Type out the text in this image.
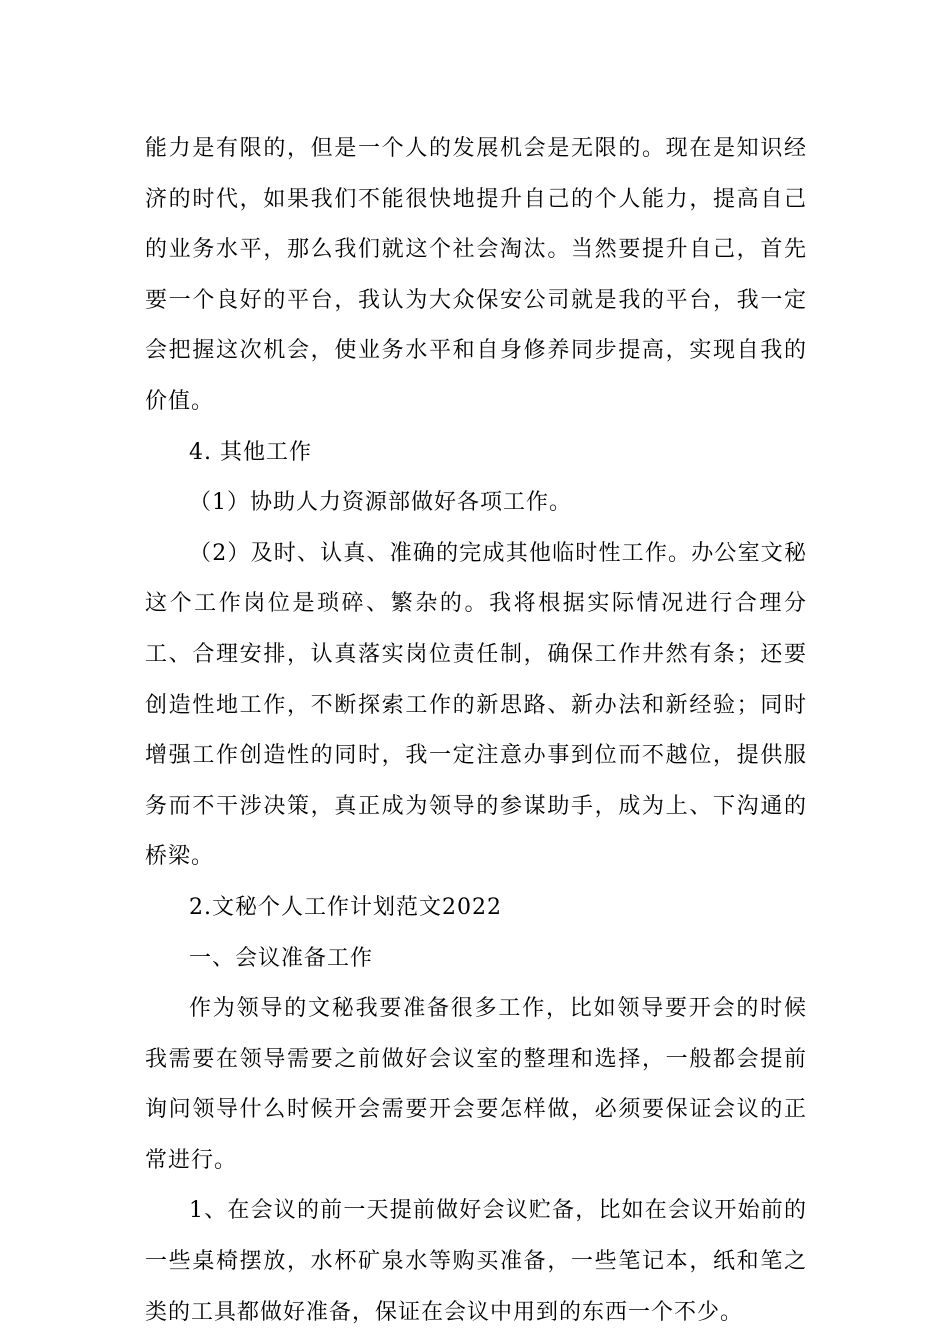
能力是有限的，但是一个人的发展机会是无限的。现在是知识经济的时代，如果我们不能很快地提升自己的个人能力，提高自己的业务水平，那么我们就这个社会淘汰。当然要提升自己，首先要一个良好的平台，我认为大众保安公司就是我的平台，我一定会把握这次机会，使业务水平和自身修养同步提高，实现自我的价值。

4. 其他工作

（1）协助人力资源部做好各项工作。

（2）及时、认真、准确的完成其他临时性工作。办公室文秘这个工作岗位是琐碎、繁杂的。我将根据实际情况进行合理分工、合理安排，认真落实岗位责任制，确保工作井然有条；还要创造性地工作，不断探索工作的新思路、新办法和新经验；同时增强工作创造性的同时，我一定注意办事到位而不越位，提供服务而不干涉决策，真正成为领导的参谋助手，成为上、下沟通的桥梁。

2.文秘个人工作计划范文2022

一、会议准备工作

作为领导的文秘我要准备很多工作，比如领导要开会的时候我需要在领导需要之前做好会议室的整理和选择，一般都会提前询问领导什么时候开会需要开会要怎样做，必须要保证会议的正常进行。

1、在会议的前一天提前做好会议贮备，比如在会议开始前的一些桌椅摆放，水杯矿泉水等购买准备，一些笔记本，纸和笔之类的工具都做好准备，保证在会议中用到的东西一个不少。
